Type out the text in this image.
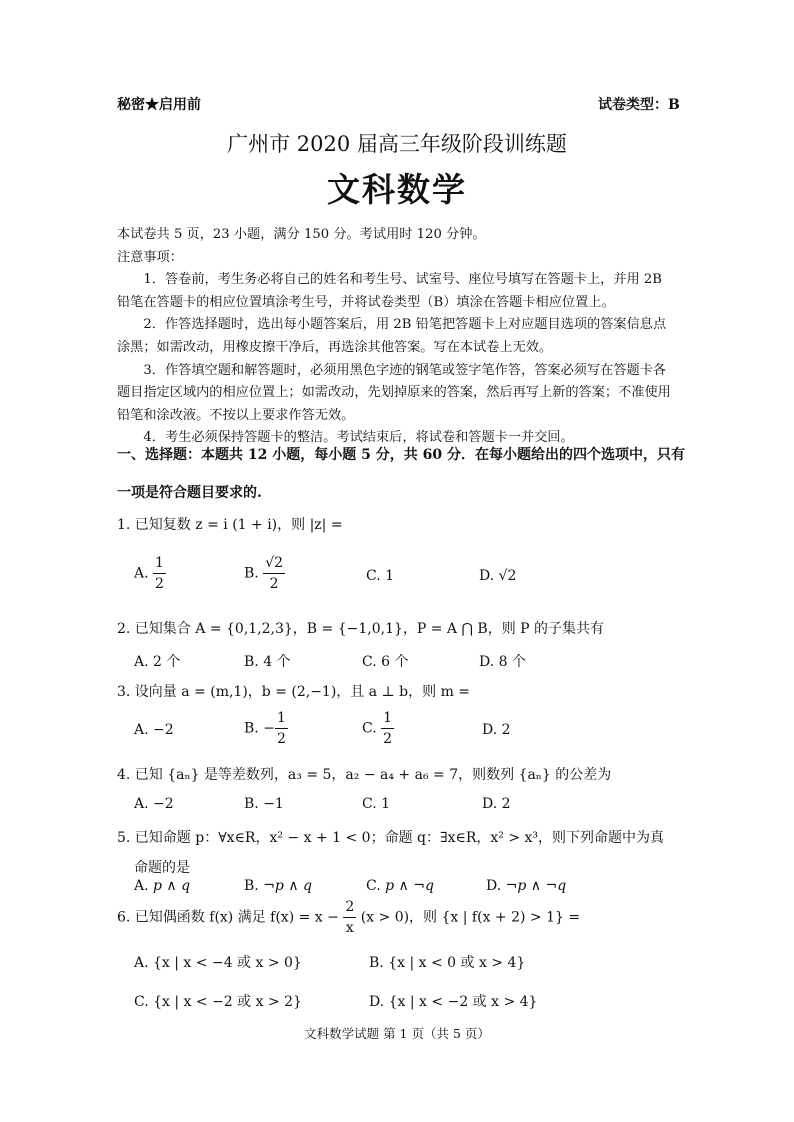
秘密★启用前	试卷类型：B
广州市 2020 届高三年级阶段训练题
文科数学

本试卷共 5 页，23 小题，满分 150 分。考试用时 120 分钟。

注意事项：

1．答卷前，考生务必将自己的姓名和考生号、试室号、座位号填写在答题卡上，并用 2B 铅笔在答题卡的相应位置填涂考生号，并将试卷类型（B）填涂在答题卡相应位置上。

2．作答选择题时，选出每小题答案后，用 2B 铅笔把答题卡上对应题目选项的答案信息点涂黑；如需改动，用橡皮擦干净后，再选涂其他答案。写在本试卷上无效。

3．作答填空题和解答题时，必须用黑色字迹的钢笔或签字笔作答，答案必须写在答题卡各题目指定区域内的相应位置上；如需改动，先划掉原来的答案，然后再写上新的答案；不准使用铅笔和涂改液。不按以上要求作答无效。

4．考生必须保持答题卡的整洁。考试结束后，将试卷和答题卡一并交回。

一、选择题：本题共 12 小题，每小题 5 分，共 60 分．在每小题给出的四个选项中，只有
一项是符合题目要求的.
1. 已知复数 z = i (1 + i)，则 |z| =
A. $\frac{1}{2}$	B. $\frac{√2}{2}$	C. 1	D. √2
2. 已知集合 A = {0,1,2,3}，B = {−1,0,1}，P = A ⋂ B，则 P 的子集共有
A. 2 个	B. 4 个	C. 6 个	D. 8 个
3. 设向量 a = (m,1)，b = (2,−1)，且 a ⊥ b，则 m =
A. −2	B. − $\frac{1}{2}$	C. $\frac{1}{2}$	D. 2
4. 已知 {aₙ} 是等差数列，a₃ = 5，a₂ − a₄ + a₆ = 7，则数列 {aₙ} 的公差为
A. −2	B. −1	C. 1	D. 2
5. 已知命题 p：∀x∈R，x² − x + 1 < 0；命题 q：∃x∈R，x² > x³，则下列命题中为真
命题的是
A. p ∧ q	B. ¬p ∧ q	C. p ∧ ¬q	D. ¬p ∧ ¬q
6. 已知偶函数 f(x) 满足 $f(x) = x - \frac{2}{x} (x > 0)$，则 {x | f(x + 2) > 1} =
A. {x | x < −4 或 x > 0}	B. {x | x < 0 或 x > 4}
C. {x | x < −2 或 x > 2}	D. {x | x < −2 或 x > 4}
文科数学试题 第 1 页（共 5 页）
